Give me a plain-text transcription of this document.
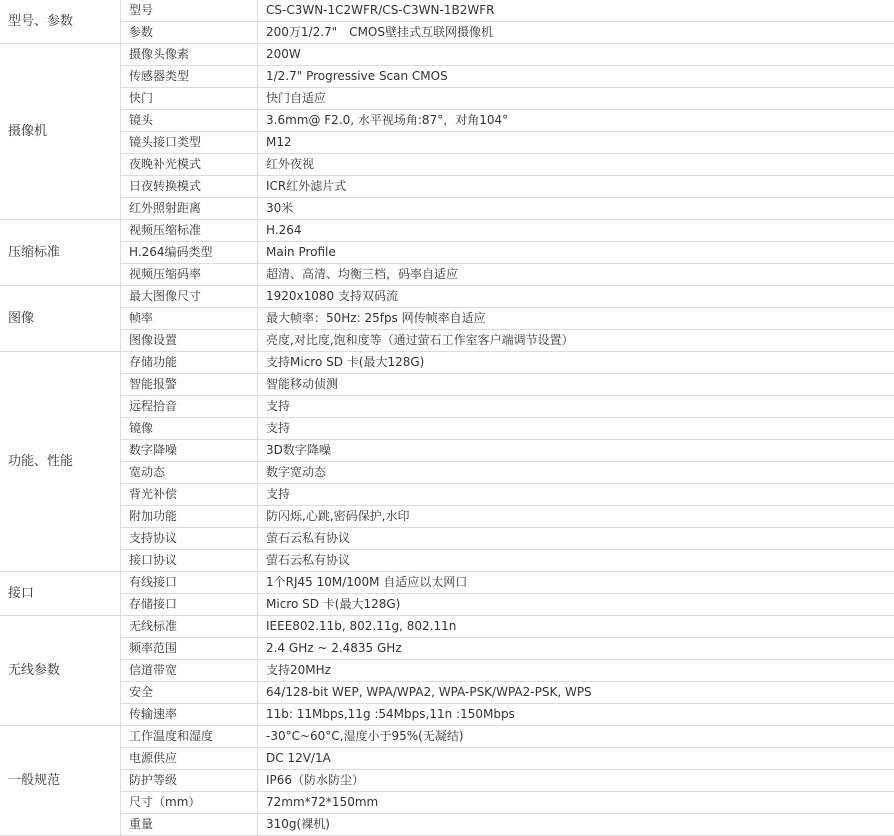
型号、参数	型号	CS-C3WN-1C2WFR/CS-C3WN-1B2WFR
	参数	200万1/2.7"　CMOS壁挂式互联网摄像机
摄像机	摄像头像素	200W
	传感器类型	1/2.7" Progressive Scan CMOS
	快门	快门自适应
	镜头	3.6mm@ F2.0, 水平视场角:87°，对角104°
	镜头接口类型	M12
	夜晚补光模式	红外夜视
	日夜转换模式	ICR红外滤片式
	红外照射距离	30米
压缩标准	视频压缩标准	H.264
	H.264编码类型	Main Profile
	视频压缩码率	超清、高清、均衡三档，码率自适应
图像	最大图像尺寸	1920x1080 支持双码流
	帧率	最大帧率：50Hz: 25fps 网传帧率自适应
	图像设置	亮度,对比度,饱和度等（通过萤石工作室客户端调节设置）
功能、性能	存储功能	支持Micro SD 卡(最大128G)
	智能报警	智能移动侦测
	远程拾音	支持
	镜像	支持
	数字降噪	3D数字降噪
	宽动态	数字宽动态
	背光补偿	支持
	附加功能	防闪烁,心跳,密码保护,水印
	支持协议	萤石云私有协议
	接口协议	萤石云私有协议
接口	有线接口	1个RJ45 10M/100M 自适应以太网口
	存储接口	Micro SD 卡(最大128G)
无线参数	无线标准	IEEE802.11b, 802.11g, 802.11n
	频率范围	2.4 GHz ~ 2.4835 GHz
	信道带宽	支持20MHz
	安全	64/128-bit WEP, WPA/WPA2, WPA-PSK/WPA2-PSK, WPS
	传输速率	11b: 11Mbps,11g :54Mbps,11n :150Mbps
一般规范	工作温度和湿度	-30°C~60°C,湿度小于95%(无凝结)
	电源供应	DC 12V/1A
	防护等级	IP66（防水防尘）
	尺寸（mm）	72mm*72*150mm
	重量	310g(裸机)
